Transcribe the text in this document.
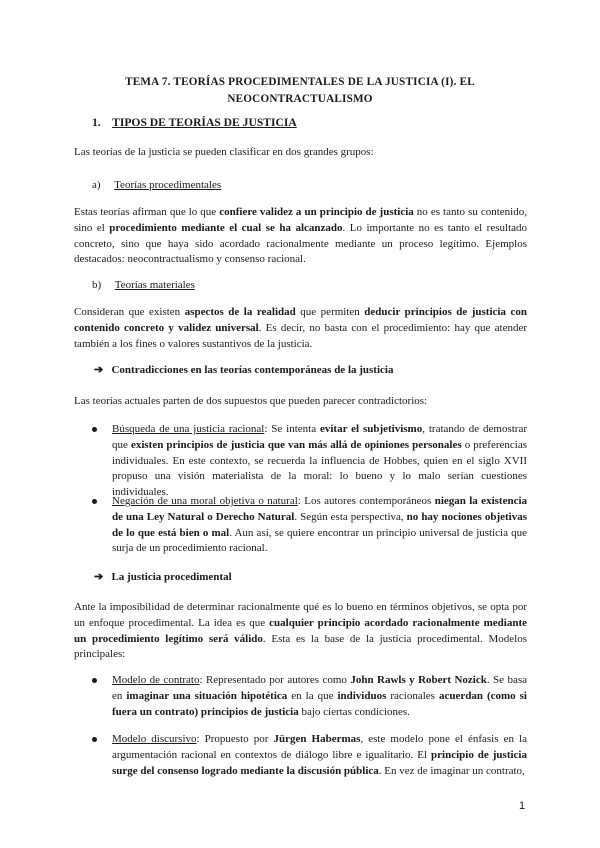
TEMA 7. TEORÍAS PROCEDIMENTALES DE LA JUSTICIA (I). EL NEOCONTRACTUALISMO
1. TIPOS DE TEORÍAS DE JUSTICIA
Las teorías de la justicia se pueden clasificar en dos grandes grupos:
a) Teorías procedimentales
Estas teorías afirman que lo que confiere validez a un principio de justicia no es tanto su contenido, sino el procedimiento mediante el cual se ha alcanzado. Lo importante no es tanto el resultado concreto, sino que haya sido acordado racionalmente mediante un proceso legítimo. Ejemplos destacados: neocontractualismo y consenso racional.
b) Teorías materiales
Consideran que existen aspectos de la realidad que permiten deducir principios de justicia con contenido concreto y validez universal. Es decir, no basta con el procedimiento: hay que atender también a los fines o valores sustantivos de la justicia.
➔ Contradicciones en las teorías contemporáneas de la justicia
Las teorías actuales parten de dos supuestos que pueden parecer contradictorios:
Búsqueda de una justicia racional: Se intenta evitar el subjetivismo, tratando de demostrar que existen principios de justicia que van más allá de opiniones personales o preferencias individuales. En este contexto, se recuerda la influencia de Hobbes, quien en el siglo XVII propuso una visión materialista de la moral: lo bueno y lo malo serían cuestiones individuales.
Negación de una moral objetiva o natural: Los autores contemporáneos niegan la existencia de una Ley Natural o Derecho Natural. Según esta perspectiva, no hay nociones objetivas de lo que está bien o mal. Aun así, se quiere encontrar un principio universal de justicia que surja de un procedimiento racional.
➔ La justicia procedimental
Ante la imposibilidad de determinar racionalmente qué es lo bueno en términos objetivos, se opta por un enfoque procedimental. La idea es que cualquier principio acordado racionalmente mediante un procedimiento legítimo será válido. Esta es la base de la justicia procedimental. Modelos principales:
Modelo de contrato: Representado por autores como John Rawls y Robert Nozick. Se basa en imaginar una situación hipotética en la que individuos racionales acuerdan (como si fuera un contrato) principios de justicia bajo ciertas condiciones.
Modelo discursivo: Propuesto por Jürgen Habermas, este modelo pone el énfasis en la argumentación racional en contextos de diálogo libre e igualitario. El principio de justicia surge del consenso logrado mediante la discusión pública. En vez de imaginar un contrato,
1
